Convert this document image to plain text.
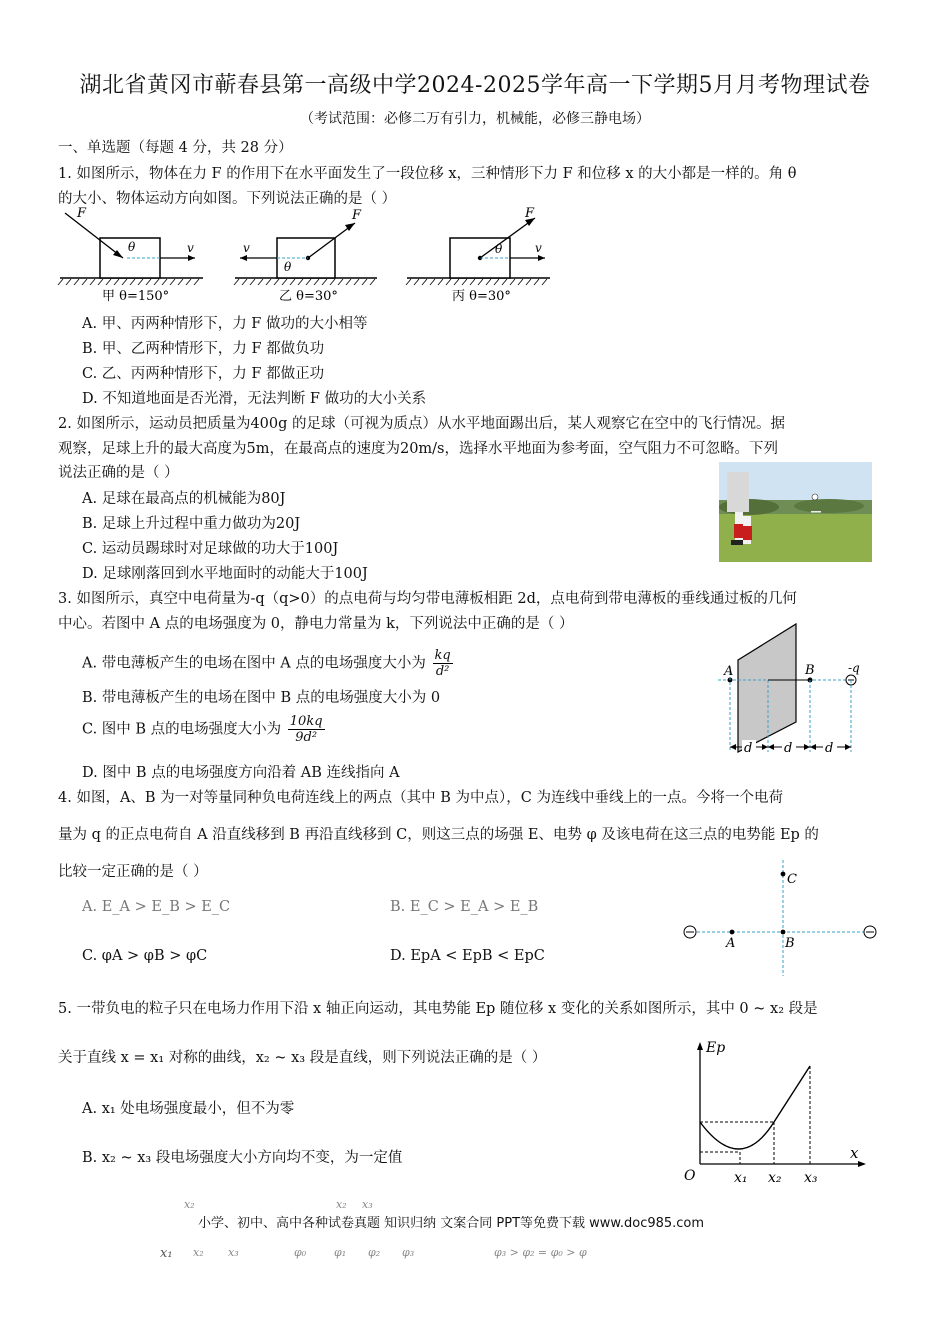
湖北省黄冈市蕲春县第一高级中学2024-2025学年高一下学期5月月考物理试卷
（考试范围：必修二万有引力，机械能，必修三静电场）
一、单选题（每题 4 分，共 28 分）
1. 如图所示，物体在力 F 的作用下在水平面发生了一段位移 x，三种情形下力 F 和位移 x 的大小都是一样的。角 θ
的大小、物体运动方向如图。下列说法正确的是（ ）
F
v
θ
甲 θ=150°
F
v
θ
乙 θ=30°
F
v
θ
丙 θ=30°
A. 甲、丙两种情形下，力 F 做功的大小相等
B. 甲、乙两种情形下，力 F 都做负功
C. 乙、丙两种情形下，力 F 都做正功
D. 不知道地面是否光滑，无法判断 F 做功的大小关系
2. 如图所示，运动员把质量为400g 的足球（可视为质点）从水平地面踢出后，某人观察它在空中的飞行情况。据
观察，足球上升的最大高度为5m，在最高点的速度为20m/s，选择水平地面为参考面，空气阻力不可忽略。下列
说法正确的是（ ）
A. 足球在最高点的机械能为80J
B. 足球上升过程中重力做功为20J
C. 运动员踢球时对足球做的功大于100J
D. 足球刚落回到水平地面时的动能大于100J
3. 如图所示，真空中电荷量为-q（q>0）的点电荷与均匀带电薄板相距 2d，点电荷到带电薄板的垂线通过板的几何
中心。若图中 A 点的电场强度为 0，静电力常量为 k，下列说法中正确的是（ ）
A. 带电薄板产生的电场在图中 A 点的电场强度大小为 $\frac{kq}{\text{d²}}$
B. 带电薄板产生的电场在图中 B 点的电场强度大小为 0
C. 图中 B 点的电场强度大小为 $\frac{10kq}{\text{9d²}}$
D. 图中 B 点的电场强度方向沿着 AB 连线指向 A
A	B	-q
d d	d
4. 如图，A、B 为一对等量同种负电荷连线上的两点（其中 B 为中点），C 为连线中垂线上的一点。今将一个电荷
量为 q 的正点电荷自 A 沿直线移到 B 再沿直线移到 C，则这三点的场强 E、电势 φ 及该电荷在这三点的电势能 Ep 的
比较一定正确的是（ ）
A. E_A > E_B > E_C	B. E_C > E_A > E_B
C. φA > φB > φC	D. EpA < EpB < EpC
A	B
C
5. 一带负电的粒子只在电场力作用下沿 x 轴正向运动，其电势能 Ep 随位移 x 变化的关系如图所示，其中 0 ~ x₂ 段是
关于直线 x = x₁ 对称的曲线，x₂ ~ x₃ 段是直线，则下列说法正确的是（ ）
A. x₁ 处电场强度最小，但不为零
B. x₂ ~ x₃ 段电场强度大小方向均不变，为一定值
Ep
x
O	x₁ x₂ x₃
x₂	x₂ x₃
小学、初中、高中各种试卷真题 知识归纳 文案合同 PPT等免费下载 www.doc985.com
x₁ x₂ x₃	φ₀	φ₁ φ₂ φ₃	φ₃ > φ₂ = φ₀ > φ
